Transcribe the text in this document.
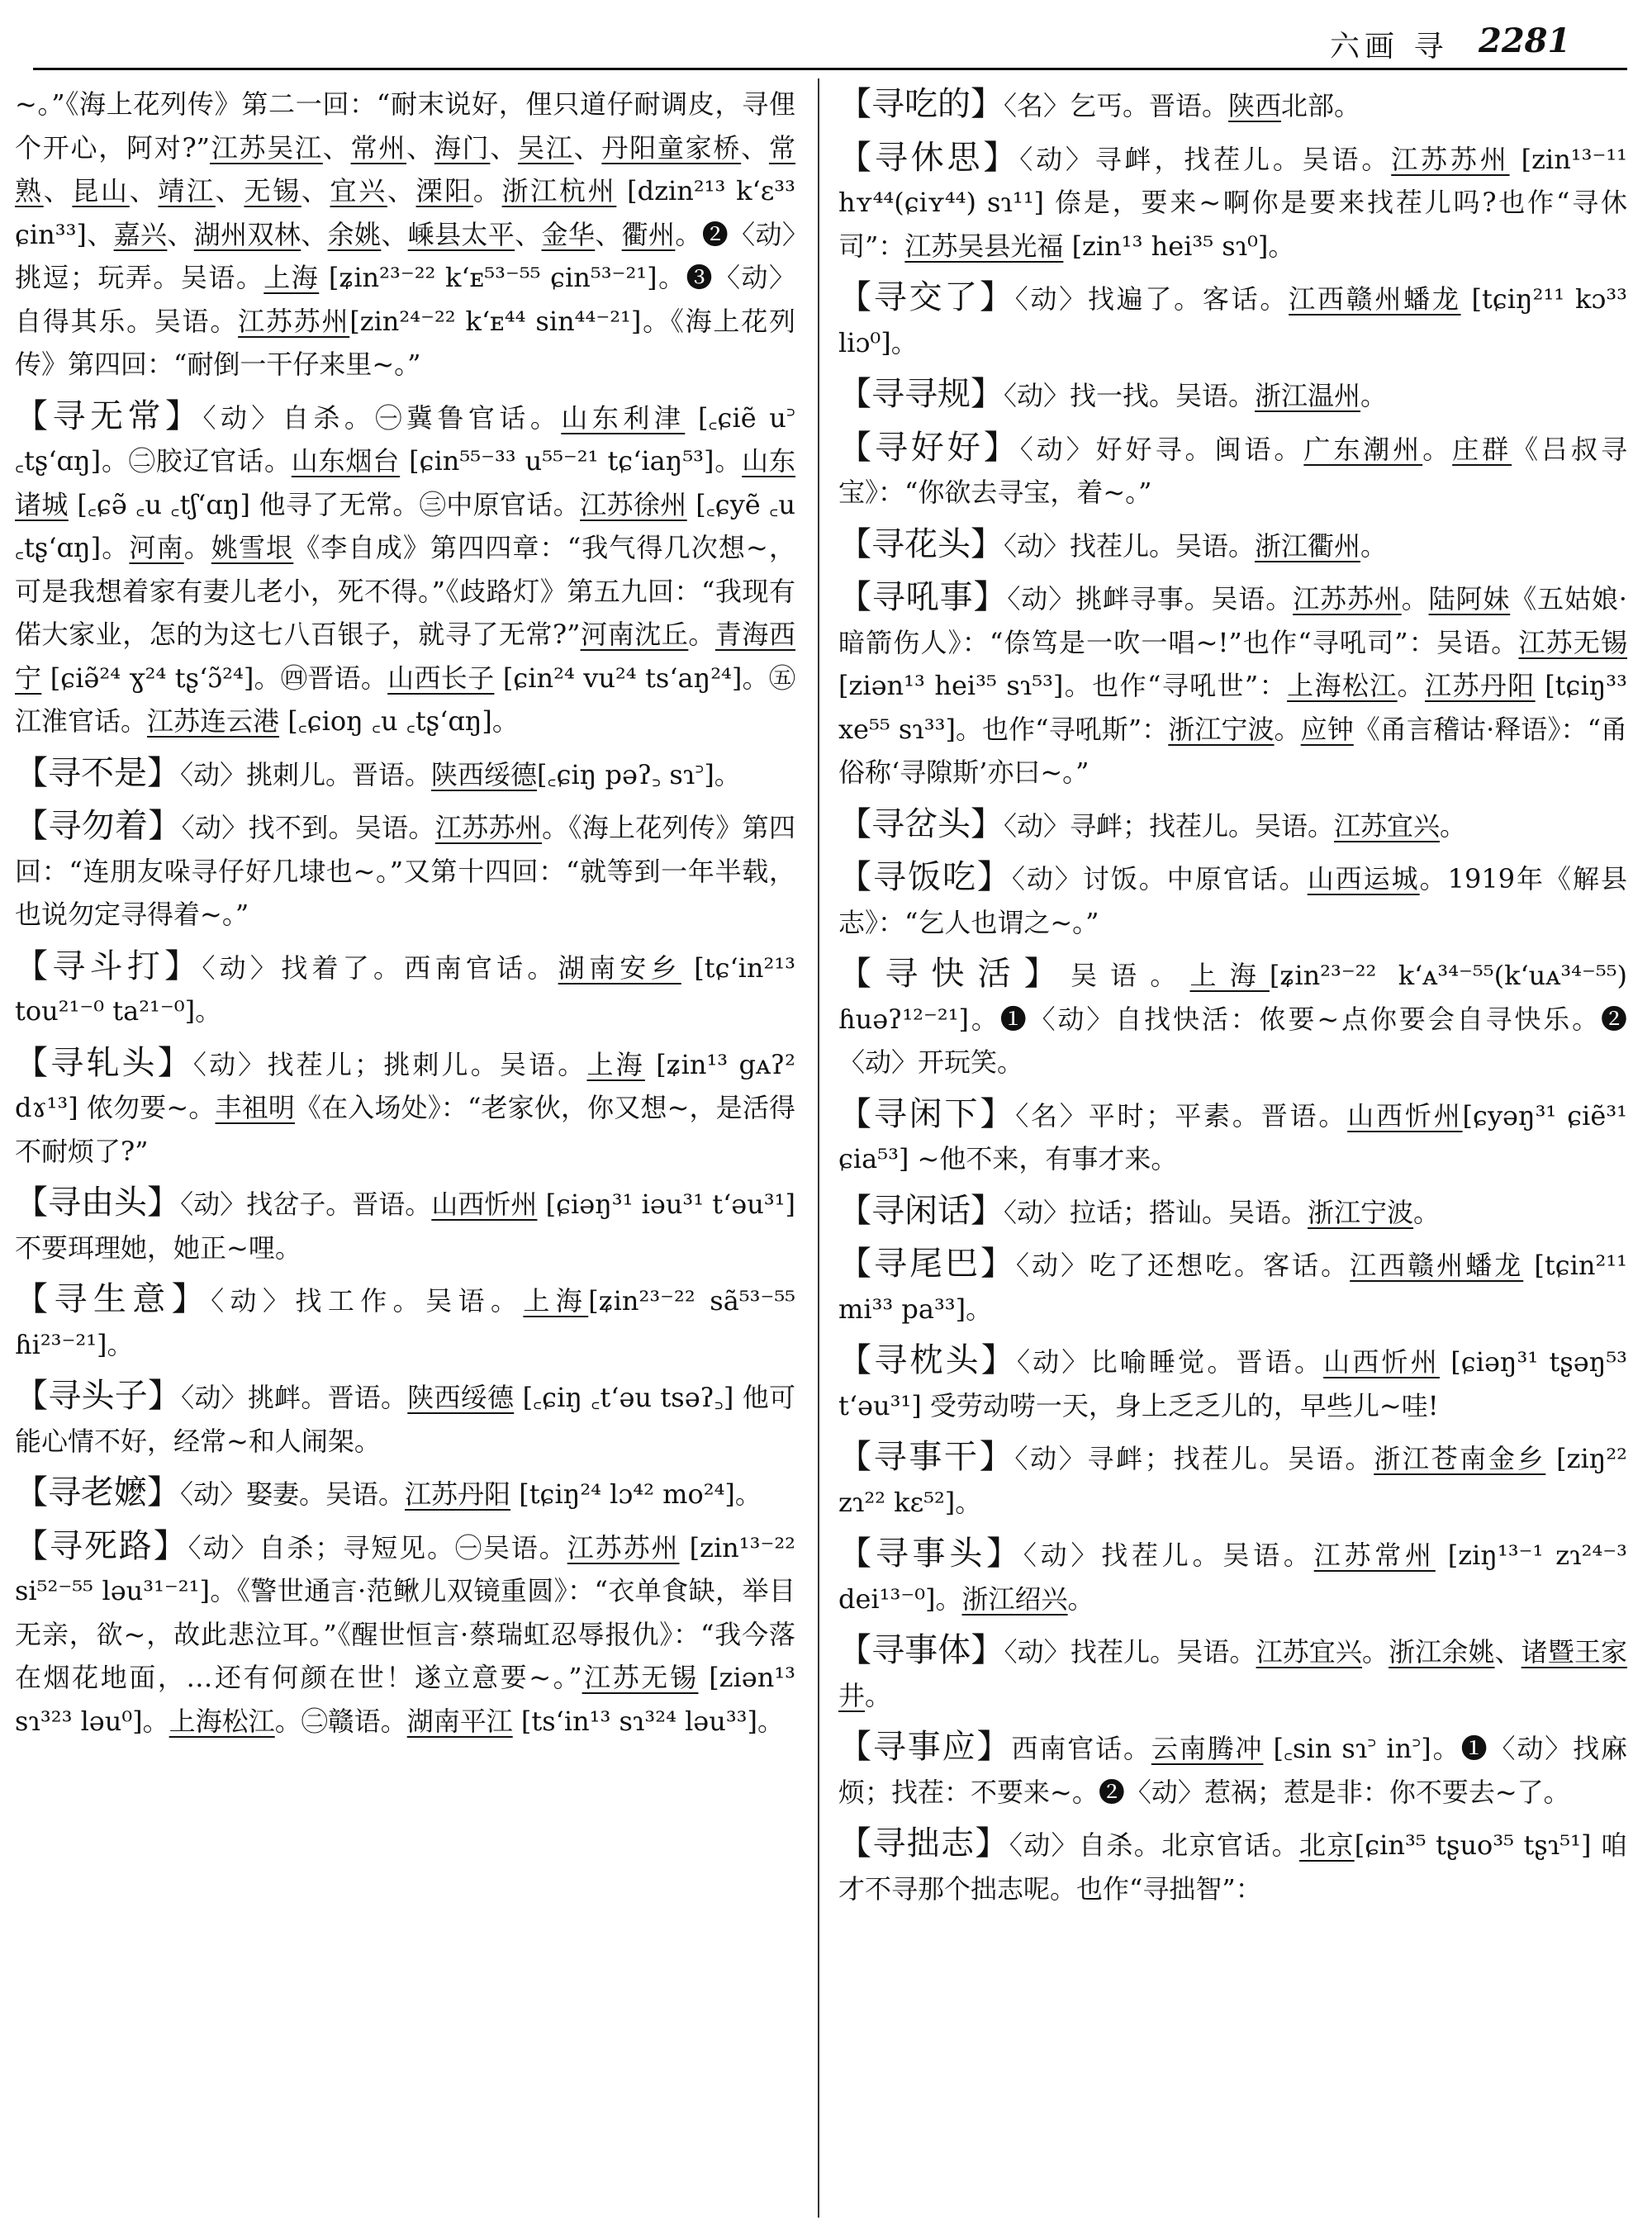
六画 寻 2281
~。”《海上花列传》第二一回：“耐末说好，俚只道仔耐调皮，寻俚个开心，阿对?”江苏吴江、常州、海门、吴江、丹阳童家桥、常熟、昆山、靖江、无锡、宜兴、溧阳。浙江杭州 [dzin²¹³ kʻɛ³³ ɕin³³]、嘉兴、湖州双林、余姚、嵊县太平、金华、衢州。❷〈动〉挑逗；玩弄。吴语。上海 [ʑin²³⁻²² kʻᴇ⁵³⁻⁵⁵ ɕin⁵³⁻²¹]。❸〈动〉自得其乐。吴语。江苏苏州[zin²⁴⁻²² kʻᴇ⁴⁴ sin⁴⁴⁻²¹]。《海上花列传》第四回：“耐倒一干仔来里~。”
【寻无常】〈动〉自杀。㊀冀鲁官话。山东利津 [꜀ɕiẽ u꜄ ꜀tʂʻɑŋ]。㊁胶辽官话。山东烟台 [ɕin⁵⁵⁻³³ u⁵⁵⁻²¹ tɕʻiaŋ⁵³]。山东诸城 [꜀ɕə̃ ꜀u ꜀tʃʻɑŋ] 他寻了无常。㊂中原官话。江苏徐州 [꜀ɕyẽ ꜀u ꜀tʂʻɑŋ]。河南。姚雪垠《李自成》第四四章：“我气得几次想~，可是我想着家有妻儿老小，死不得。”《歧路灯》第五九回：“我现有偌大家业，怎的为这七八百银子，就寻了无常?”河南沈丘。青海西宁 [ɕiə̃²⁴ ɣ²⁴ tʂʻɔ̃²⁴]。㊃晋语。山西长子 [ɕin²⁴ vu²⁴ tsʻaŋ²⁴]。㊄江淮官话。江苏连云港 [꜀ɕioŋ ꜀u ꜀tʂʻɑŋ]。
【寻不是】〈动〉挑刺儿。晋语。陕西绥德[꜀ɕiŋ pəʔ꜆ sɿ꜄]。
【寻勿着】〈动〉找不到。吴语。江苏苏州。《海上花列传》第四回：“连朋友哚寻仔好几埭也~。”又第十四回：“就等到一年半载，也说勿定寻得着~。”
【寻斗打】〈动〉找着了。西南官话。湖南安乡 [tɕʻin²¹³ tou²¹⁻⁰ ta²¹⁻⁰]。
【寻轧头】〈动〉找茬儿；挑刺儿。吴语。上海 [ʑin¹³ gᴀʔ² dɤ¹³] 侬勿要~。丰祖明《在入场处》：“老家伙，你又想~，是活得不耐烦了?”
【寻由头】〈动〉找岔子。晋语。山西忻州 [ɕiəŋ³¹ iəu³¹ tʻəu³¹] 不要珥理她，她正~哩。
【寻生意】〈动〉找工作。吴语。上海[ʑin²³⁻²² sã⁵³⁻⁵⁵ ɦi²³⁻²¹]。
【寻头子】〈动〉挑衅。晋语。陕西绥德 [꜀ɕiŋ ꜀tʻəu tsəʔ꜆] 他可能心情不好，经常~和人闹架。
【寻老嬷】〈动〉娶妻。吴语。江苏丹阳 [tɕiŋ²⁴ lɔ⁴² mo²⁴]。
【寻死路】〈动〉自杀；寻短见。㊀吴语。江苏苏州 [zin¹³⁻²² si⁵²⁻⁵⁵ ləu³¹⁻²¹]。《警世通言·范鳅儿双镜重圆》：“衣单食缺，举目无亲，欲~，故此悲泣耳。”《醒世恒言·蔡瑞虹忍辱报仇》：“我今落在烟花地面，…还有何颜在世！遂立意要~。”江苏无锡 [ziən¹³ sɿ³²³ ləu⁰]。上海松江。㊁赣语。湖南平江 [tsʻin¹³ sɿ³²⁴ ləu³³]。
【寻吃的】〈名〉乞丐。晋语。陕西北部。
【寻休思】〈动〉寻衅，找茬儿。吴语。江苏苏州 [zin¹³⁻¹¹ hʏ⁴⁴(ɕiʏ⁴⁴) sɿ¹¹] 倷是，要来~啊你是要来找茬儿吗?也作“寻休司”：江苏吴县光福 [zin¹³ hei³⁵ sɿ⁰]。
【寻交了】〈动〉找遍了。客话。江西赣州蟠龙 [tɕiŋ²¹¹ kɔ³³ liɔ⁰]。
【寻寻规】〈动〉找一找。吴语。浙江温州。
【寻好好】〈动〉好好寻。闽语。广东潮州。庄群《吕叔寻宝》：“你欲去寻宝，着~。”
【寻花头】〈动〉找茬儿。吴语。浙江衢州。
【寻吼事】〈动〉挑衅寻事。吴语。江苏苏州。陆阿妹《五姑娘·暗箭伤人》：“倷笃是一吹一唱~!”也作“寻吼司”：吴语。江苏无锡 [ziən¹³ hei³⁵ sɿ⁵³]。也作“寻吼世”：上海松江。江苏丹阳 [tɕiŋ³³ xe⁵⁵ sɿ³³]。也作“寻吼斯”：浙江宁波。应钟《甬言稽诂·释语》：“甬俗称‘寻隙斯’亦曰~。”
【寻岔头】〈动〉寻衅；找茬儿。吴语。江苏宜兴。
【寻饭吃】〈动〉讨饭。中原官话。山西运城。1919年《解县志》：“乞人也谓之~。”
【寻快活】吴语。上海[ʑin²³⁻²² kʻᴀ³⁴⁻⁵⁵(kʻuᴀ³⁴⁻⁵⁵) ɦuəʔ¹²⁻²¹]。❶〈动〉自找快活：侬要~点你要会自寻快乐。❷〈动〉开玩笑。
【寻闲下】〈名〉平时；平素。晋语。山西忻州[ɕyəŋ³¹ ɕiẽ³¹ ɕia⁵³] ~他不来，有事才来。
【寻闲话】〈动〉拉话；搭讪。吴语。浙江宁波。
【寻尾巴】〈动〉吃了还想吃。客话。江西赣州蟠龙 [tɕin²¹¹ mi³³ pa³³]。
【寻枕头】〈动〉比喻睡觉。晋语。山西忻州 [ɕiəŋ³¹ tʂəŋ⁵³ tʻəu³¹] 受劳动唠一天，身上乏乏儿的，早些儿~哇!
【寻事干】〈动〉寻衅；找茬儿。吴语。浙江苍南金乡 [ziŋ²² zɿ²² kɛ⁵²]。
【寻事头】〈动〉找茬儿。吴语。江苏常州 [ziŋ¹³⁻¹ zɿ²⁴⁻³ dei¹³⁻⁰]。浙江绍兴。
【寻事体】〈动〉找茬儿。吴语。江苏宜兴。浙江余姚、诸暨王家井。
【寻事应】西南官话。云南腾冲 [꜀sin sɿ꜄ in꜄]。❶〈动〉找麻烦；找茬：不要来~。❷〈动〉惹祸；惹是非：你不要去~了。
【寻拙志】〈动〉自杀。北京官话。北京[ɕin³⁵ tʂuo³⁵ tʂɿ⁵¹] 咱才不寻那个拙志呢。也作“寻拙智”：
